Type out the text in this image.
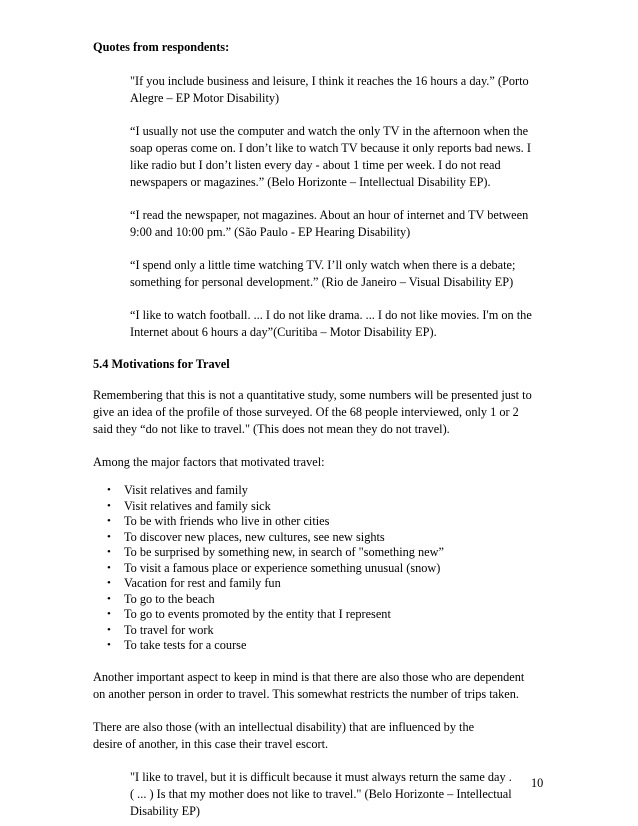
Quotes from respondents:

"If you include business and leisure, I think it reaches the 16 hours a day.” (Porto
Alegre – EP Motor Disability)

“I usually not use the computer and watch the only TV in the afternoon when the
soap operas come on. I don’t like to watch TV because it only reports bad news. I
like radio but I don’t listen every day - about 1 time per week. I do not read
newspapers or magazines.” (Belo Horizonte – Intellectual Disability EP).

“I read the newspaper, not magazines. About an hour of internet and TV between
9:00 and 10:00 pm.” (São Paulo - EP Hearing Disability)

“I spend only a little time watching TV. I’ll only watch when there is a debate;
something for personal development.” (Rio de Janeiro – Visual Disability EP)

“I like to watch football. ... I do not like drama. ... I do not like movies. I'm on the
Internet about 6 hours a day”(Curitiba – Motor Disability EP).

5.4 Motivations for Travel

Remembering that this is not a quantitative study, some numbers will be presented just to
give an idea of the profile of those surveyed. Of the 68 people interviewed, only 1 or 2
said they “do not like to travel." (This does not mean they do not travel).

Among the major factors that motivated travel:

• Visit relatives and family
• Visit relatives and family sick
• To be with friends who live in other cities
• To discover new places, new cultures, see new sights
• To be surprised by something new, in search of "something new”
• To visit a famous place or experience something unusual (snow)
• Vacation for rest and family fun
• To go to the beach
• To go to events promoted by the entity that I represent
• To travel for work
• To take tests for a course

Another important aspect to keep in mind is that there are also those who are dependent
on another person in order to travel. This somewhat restricts the number of trips taken.

There are also those (with an intellectual disability) that are influenced by the
desire of another, in this case their travel escort.

"I like to travel, but it is difficult because it must always return the same day .
( ... ) Is that my mother does not like to travel." (Belo Horizonte – Intellectual
Disability EP)

10
